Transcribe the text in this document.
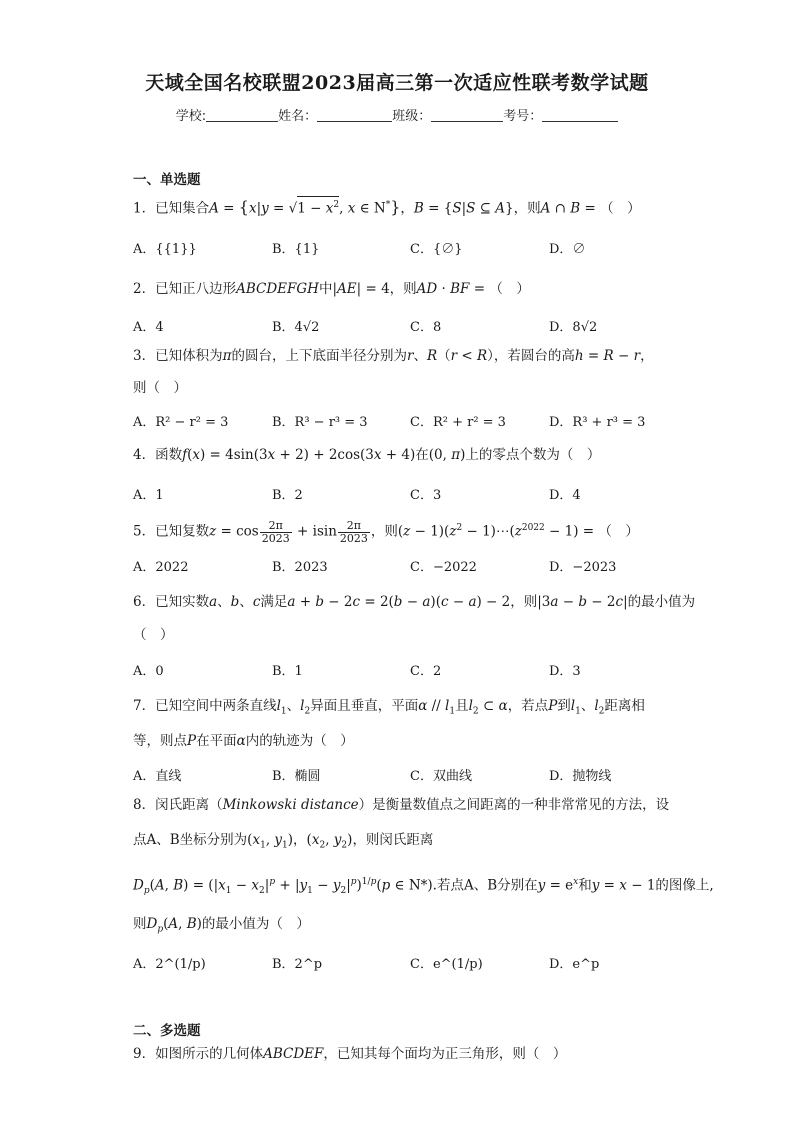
天域全国名校联盟2023届高三第一次适应性联考数学试题
学校:	姓名：	班级：	考号：
一、单选题
1．已知集合A = {x|y = √
$1 - x^2$, x ∈ N*}，B = {S|S ⊆ A}，则A ∩ B = （　）
A．{{1}}	B．{1}	C．{∅}	D．∅
2．已知正八边形ABCDEFGH中|AE| = 4，则AD · BF = （　）
A．4	B．4√2	C．8	D．8√2
3．已知体积为π的圆台，上下底面半径分别为r、R（r < R），若圆台的高h = R − r，
则（　）
A．R² − r² = 3	B．R³ − r³ = 3	C．R² + r² = 3	D．R³ + r³ = 3
4．函数f(x) = 4sin(3x + 2) + 2cos(3x + 4)在(0, π)上的零点个数为（　）
A．1	B．2	C．3	D．4
5．已知复数$z = \cos \frac{2\pi}{2023} + isin \frac{2\pi}{2023}$ ，则$(z - 1)(z^2$ − $1)\cdots(z^{2022} - 1)$ = （　）
A．2022	B．2023	C．−2022	D．−2023
6．已知实数a、b、c满足a + b − 2c = 2(b − a)(c − a) − 2，则|3a − b − 2c|的最小值为
（　）
A．0	B．1	C．2	D．3
7．已知空间中两条直线$l_1$、$l_2$异面且垂直，平面α // $l_1$且$l_2$ ⊂ α，若点P到$l_1$、$l_2$距离相
等，则点P在平面α内的轨迹为（　）
A．直线	B．椭圆	C．双曲线	D．抛物线
8．闵氏距离（Minkowski distance）是衡量数值点之间距离的一种非常常见的方法，设
点A、B坐标分别为($x_1$, $y_1$)，($x_2$, $y_2$)，则闵氏距离
$D_p(A$, $B) = (|x_1 - x_2|^p + |y_1 - y_2|^p)^{1/p}(p$ ∈ N*).若点A、B分别在$y = e^x$和y = x − 1的图像上,
则$D_p(A$, B)的最小值为（　）
A．2^(1/p)	B．2^p	C．e^(1/p)	D．e^p
二、多选题
9．如图所示的几何体ABCDEF，已知其每个面均为正三角形，则（　）
